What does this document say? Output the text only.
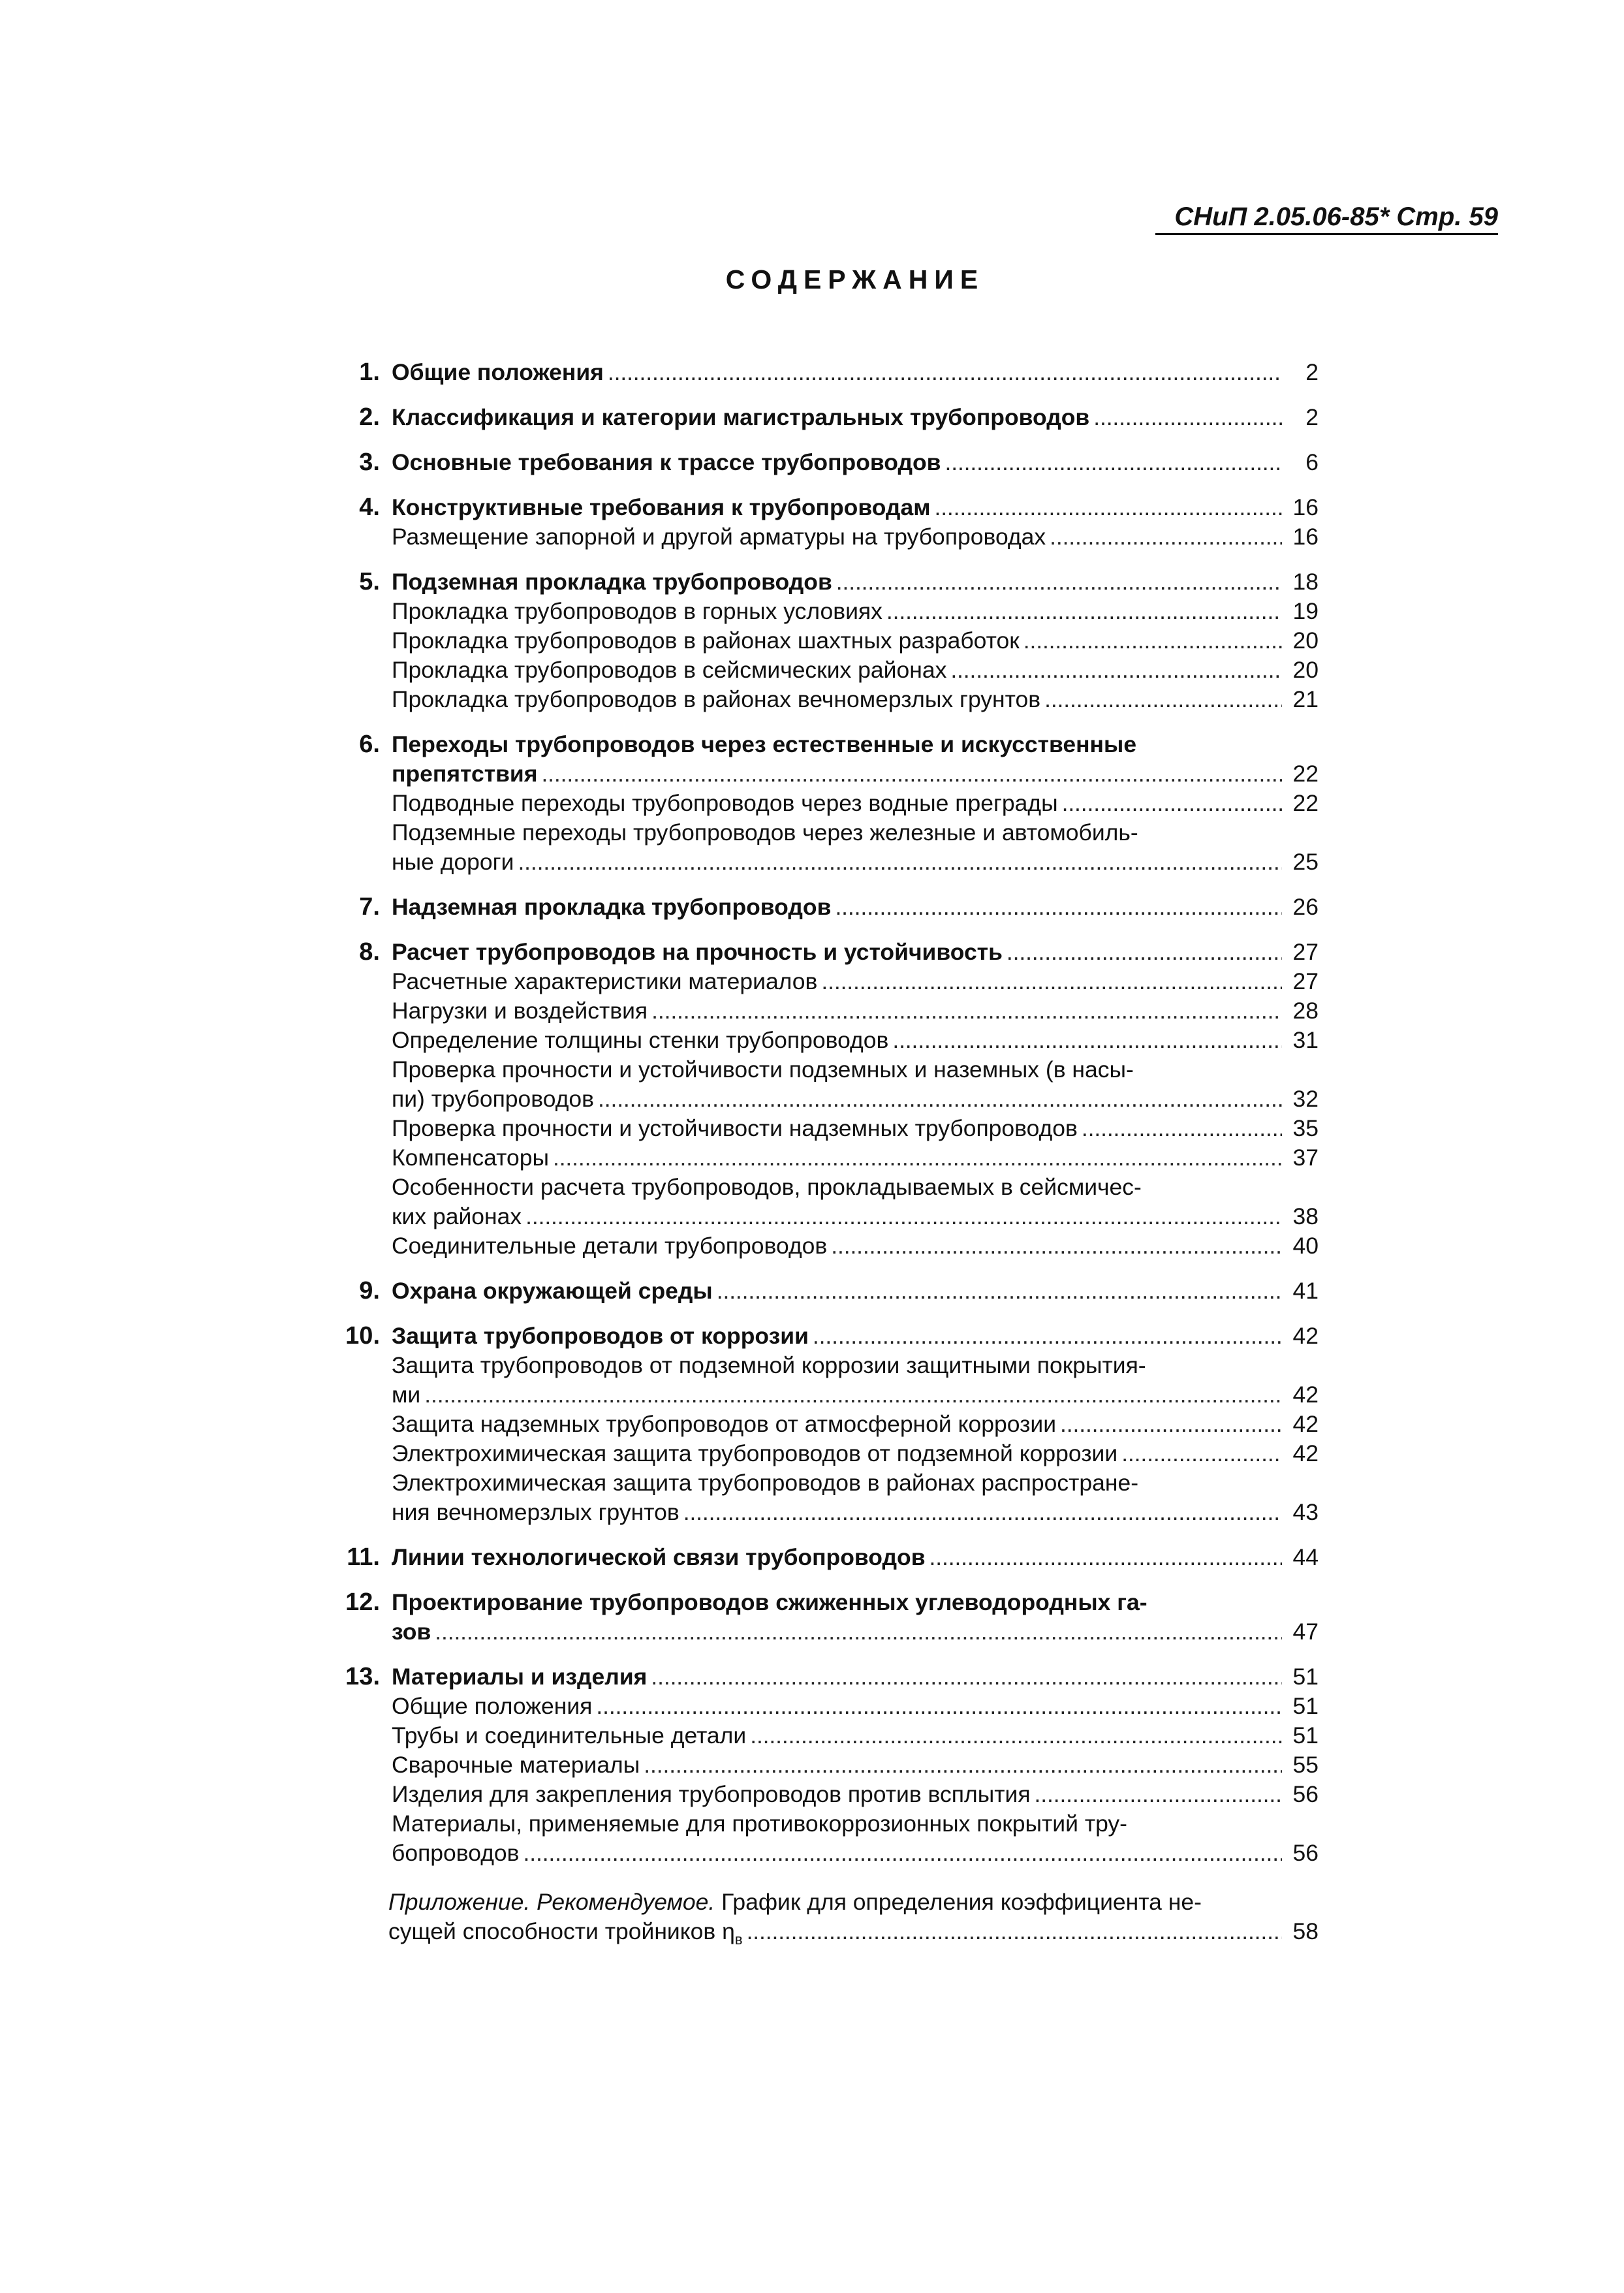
СНиП 2.05.06-85* Стр. 59
СОДЕРЖАНИЕ
1. Общие положения . . .	2
2. Классификация и категории магистральных трубопроводов . . .	2
3. Основные требования к трассе трубопроводов . . .	6
4. Конструктивные требования к трубопроводам . . .	16
Размещение запорной и другой арматуры на трубопроводах . . .	16
5. Подземная прокладка трубопроводов . . .	18
Прокладка трубопроводов в горных условиях . . .	19
Прокладка трубопроводов в районах шахтных разработок . . .	20
Прокладка трубопроводов в сейсмических районах . . .	20
Прокладка трубопроводов в районах вечномерзлых грунтов . . .	21
6. Переходы трубопроводов через естественные и искусственные
препятствия . . .	22
Подводные переходы трубопроводов через водные преграды . . .	22
Подземные переходы трубопроводов через железные и автомобиль-
ные дороги . . .	25
7. Надземная прокладка трубопроводов . . .	26
8. Расчет трубопроводов на прочность и устойчивость . . .	27
Расчетные характеристики материалов . . .	27
Нагрузки и воздействия . . .	28
Определение толщины стенки трубопроводов . . .	31
Проверка прочности и устойчивости подземных и наземных (в насы-
пи) трубопроводов . . .	32
Проверка прочности и устойчивости надземных трубопроводов . . .	35
Компенсаторы . . .	37
Особенности расчета трубопроводов, прокладываемых в сейсмичес-
ких районах . . .	38
Соединительные детали трубопроводов . . .	40
9. Охрана окружающей среды . . .	41
10. Защита трубопроводов от коррозии . . .	42
Защита трубопроводов от подземной коррозии защитными покрытия-
ми . . .	42
Защита надземных трубопроводов от атмосферной коррозии . . .	42
Электрохимическая защита трубопроводов от подземной коррозии . . .	42
Электрохимическая защита трубопроводов в районах распростране-
ния вечномерзлых грунтов . . .	43
11. Линии технологической связи трубопроводов . . .	44
12. Проектирование трубопроводов сжиженных углеводородных га-
зов . . .	47
13. Материалы и изделия . . .	51
Общие положения . . .	51
Трубы и соединительные детали . . .	51
Сварочные материалы . . .	55
Изделия для закрепления трубопроводов против всплытия . . .	56
Материалы, применяемые для противокоррозионных покрытий тру-
бопроводов . . .	56
Приложение. Рекомендуемое. График для определения коэффициента не-
сущей способности тройников $\eta_в$ . . .	58
